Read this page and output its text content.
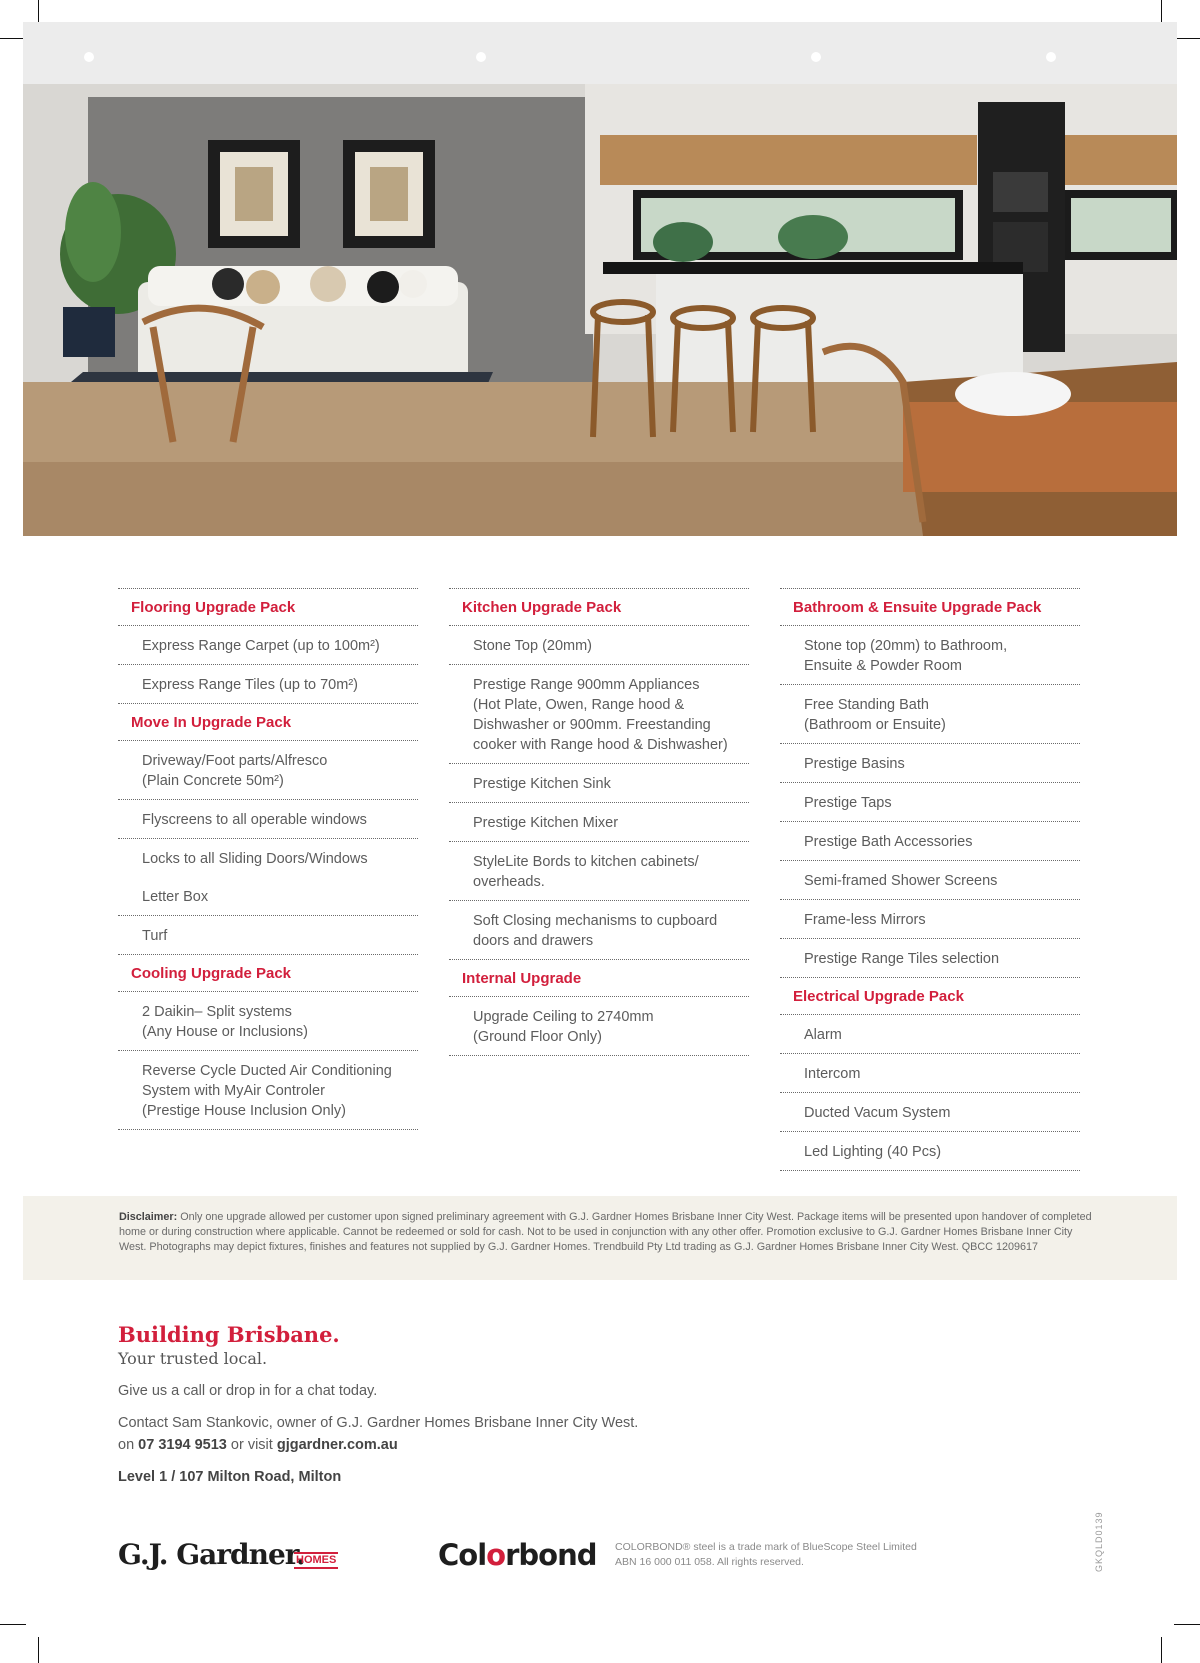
Flooring Upgrade Pack
Express Range Carpet (up to 100m²)
Express Range Tiles (up to 70m²)
Move In Upgrade Pack
Driveway/Foot parts/Alfresco
(Plain Concrete 50m²)
Flyscreens to all operable windows
Locks to all Sliding Doors/Windows
Letter Box
Turf
Cooling Upgrade Pack
2 Daikin– Split systems
(Any House or Inclusions)
Reverse Cycle Ducted Air Conditioning
System with MyAir Controler
(Prestige House Inclusion Only)
Kitchen Upgrade Pack
Stone Top (20mm)
Prestige Range 900mm Appliances
(Hot Plate, Owen, Range hood &
Dishwasher or 900mm. Freestanding
cooker with Range hood & Dishwasher)
Prestige Kitchen Sink
Prestige Kitchen Mixer
StyleLite Bords to kitchen cabinets/
overheads.
Soft Closing mechanisms to cupboard
doors and drawers
Internal Upgrade
Upgrade Ceiling to 2740mm
(Ground Floor Only)
Bathroom & Ensuite Upgrade Pack
Stone top (20mm) to Bathroom,
Ensuite & Powder Room
Free Standing Bath
(Bathroom or Ensuite)
Prestige Basins
Prestige Taps
Prestige Bath Accessories
Semi-framed Shower Screens
Frame-less Mirrors
Prestige Range Tiles selection
Electrical Upgrade Pack
Alarm
Intercom
Ducted Vacum System
Led Lighting (40 Pcs)

Disclaimer: Only one upgrade allowed per customer upon signed preliminary agreement with G.J. Gardner Homes Brisbane Inner City West. Package items will be presented upon handover of completed home or during construction where applicable. Cannot be redeemed or sold for cash. Not to be used in conjunction with any other offer. Promotion exclusive to G.J. Gardner Homes Brisbane Inner City West. Photographs may depict fixtures, finishes and features not supplied by G.J. Gardner Homes. Trendbuild Pty Ltd trading as G.J. Gardner Homes Brisbane Inner City West. QBCC 1209617

Building Brisbane.
Your trusted local.
Give us a call or drop in for a chat today.
Contact Sam Stankovic, owner of G.J. Gardner Homes Brisbane Inner City West.
on 07 3194 9513 or visit gjgardner.com.au
Level 1 / 107 Milton Road, Milton
G.J. Gardner.
HOMES	Colorbond COLORBOND® steel is a trade mark of BlueScope Steel Limited
ABN 16 000 011 058. All rights reserved.	GKQLD0139
